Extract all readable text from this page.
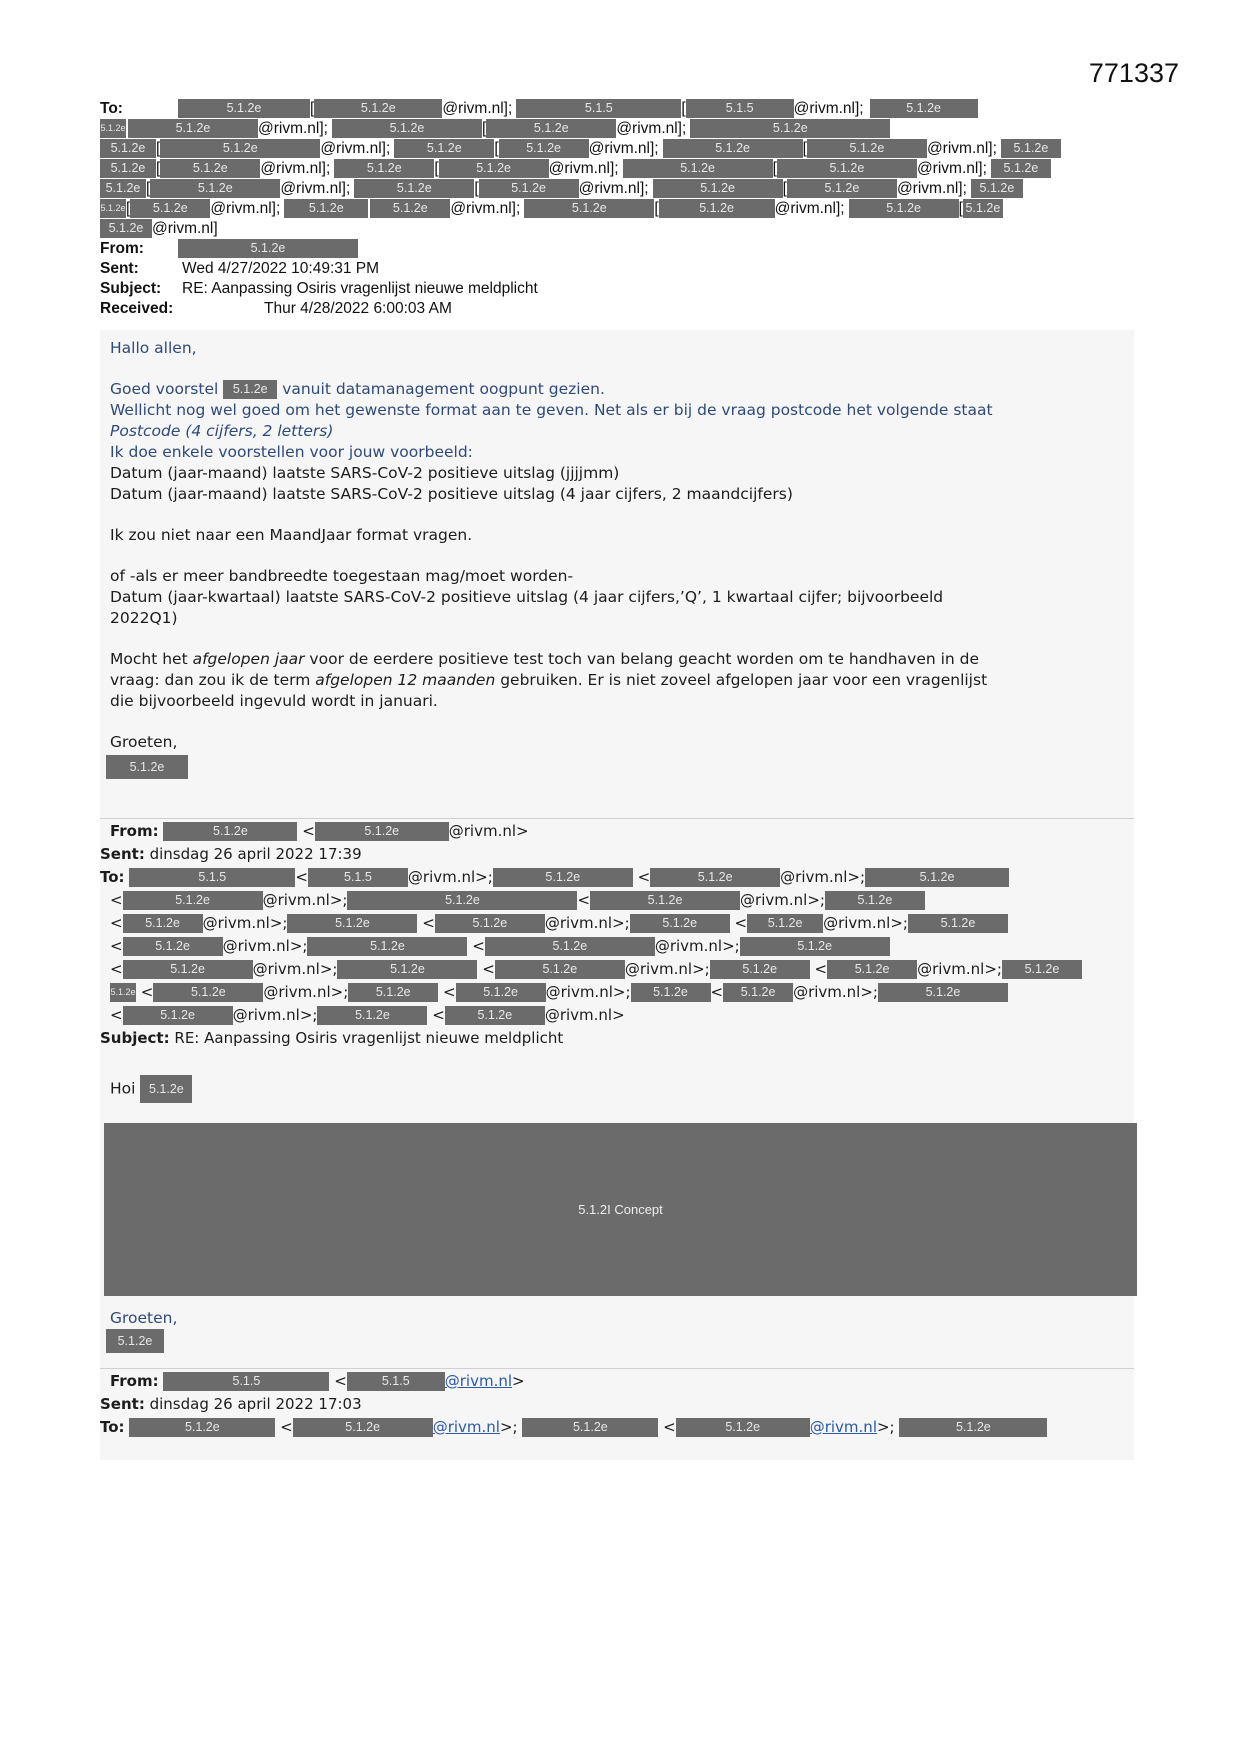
771337
To:	5.1.2e	[	5.1.2e	@rivm.nl];	5.1.5	[	5.1.5	@rivm.nl];	5.1.2e
5.1.2e	5.1.2e	@rivm.nl];	5.1.2e	[	5.1.2e	@rivm.nl];	5.1.2e
5.1.2e [	5.1.2e	@rivm.nl];	5.1.2e [ 5.1.2e @rivm.nl];	5.1.2e	[	5.1.2e	@rivm.nl]; 5.1.2e
5.1.2e [	5.1.2e @rivm.nl];	5.1.2e [	5.1.2e @rivm.nl];	5.1.2e	[	5.1.2e	@rivm.nl]; 5.1.2e
5.1.2e [	5.1.2e	@rivm.nl];	5.1.2e	[	5.1.2e @rivm.nl];	5.1.2e	[	5.1.2e @rivm.nl]; 5.1.2e
5.1.2e[ 5.1.2e @rivm.nl]; 5.1.2e	5.1.2e @rivm.nl];	5.1.2e	[	5.1.2e	@rivm.nl];	5.1.2e [ 5.1.2e
5.1.2e @rivm.nl]
From:	5.1.2e
Sent:	Wed 4/27/2022 10:49:31 PM
Subject: RE: Aanpassing Osiris vragenlijst nieuwe meldplicht
Received:	Thur 4/28/2022 6:00:03 AM

Hallo allen,

Goed voorstel 5.1.2e vanuit datamanagement oogpunt gezien.

Wellicht nog wel goed om het gewenste format aan te geven. Net als er bij de vraag postcode het volgende staat

Postcode (4 cijfers, 2 letters)

Ik doe enkele voorstellen voor jouw voorbeeld:

Datum (jaar-maand) laatste SARS-CoV-2 positieve uitslag (jjjjmm)

Datum (jaar-maand) laatste SARS-CoV-2 positieve uitslag (4 jaar cijfers, 2 maandcijfers)

Ik zou niet naar een MaandJaar format vragen.

of -als er meer bandbreedte toegestaan mag/moet worden-

Datum (jaar-kwartaal) laatste SARS-CoV-2 positieve uitslag (4 jaar cijfers,’Q’, 1 kwartaal cijfer; bijvoorbeeld

2022Q1)

Mocht het afgelopen jaar voor de eerdere positieve test toch van belang geacht worden om te handhaven in de

vraag: dan zou ik de term afgelopen 12 maanden gebruiken. Er is niet zoveel afgelopen jaar voor een vragenlijst

die bijvoorbeeld ingevuld wordt in januari.

Groeten,

5.1.2e

From:	5.1.2e	<	5.1.2e	@rivm.nl>
Sent: dinsdag 26 april 2022 17:39
To:	5.1.5	<	5.1.5 @rivm.nl>;	5.1.2e	<	5.1.2e	@rivm.nl>;	5.1.2e
<	5.1.2e	@rivm.nl>;	5.1.2e	<	5.1.2e	@rivm.nl>;	5.1.2e
< 5.1.2e @rivm.nl>;	5.1.2e	<	5.1.2e	@rivm.nl>;	5.1.2e < 5.1.2e @rivm.nl>;	5.1.2e
<	5.1.2e @rivm.nl>;	5.1.2e	<	5.1.2e	@rivm.nl>;	5.1.2e
<	5.1.2e	@rivm.nl>;	5.1.2e	<	5.1.2e	@rivm.nl>;	5.1.2e < 5.1.2e @rivm.nl>; 5.1.2e
5.1.2e <	5.1.2e	@rivm.nl>; 5.1.2e < 5.1.2e @rivm.nl>; 5.1.2e < 5.1.2e @rivm.nl>;	5.1.2e
<	5.1.2e	@rivm.nl>;	5.1.2e	<	5.1.2e @rivm.nl>
Subject: RE: Aanpassing Osiris vragenlijst nieuwe meldplicht

Hoi 5.1.2e

5.1.2I Concept

Groeten,

5.1.2e

From:	5.1.5	<	5.1.5 @rivm.nl>
Sent: dinsdag 26 april 2022 17:03
To:	5.1.2e	<	5.1.2e	@rivm.nl>;	5.1.2e	<	5.1.2e	@rivm.nl>;	5.1.2e
